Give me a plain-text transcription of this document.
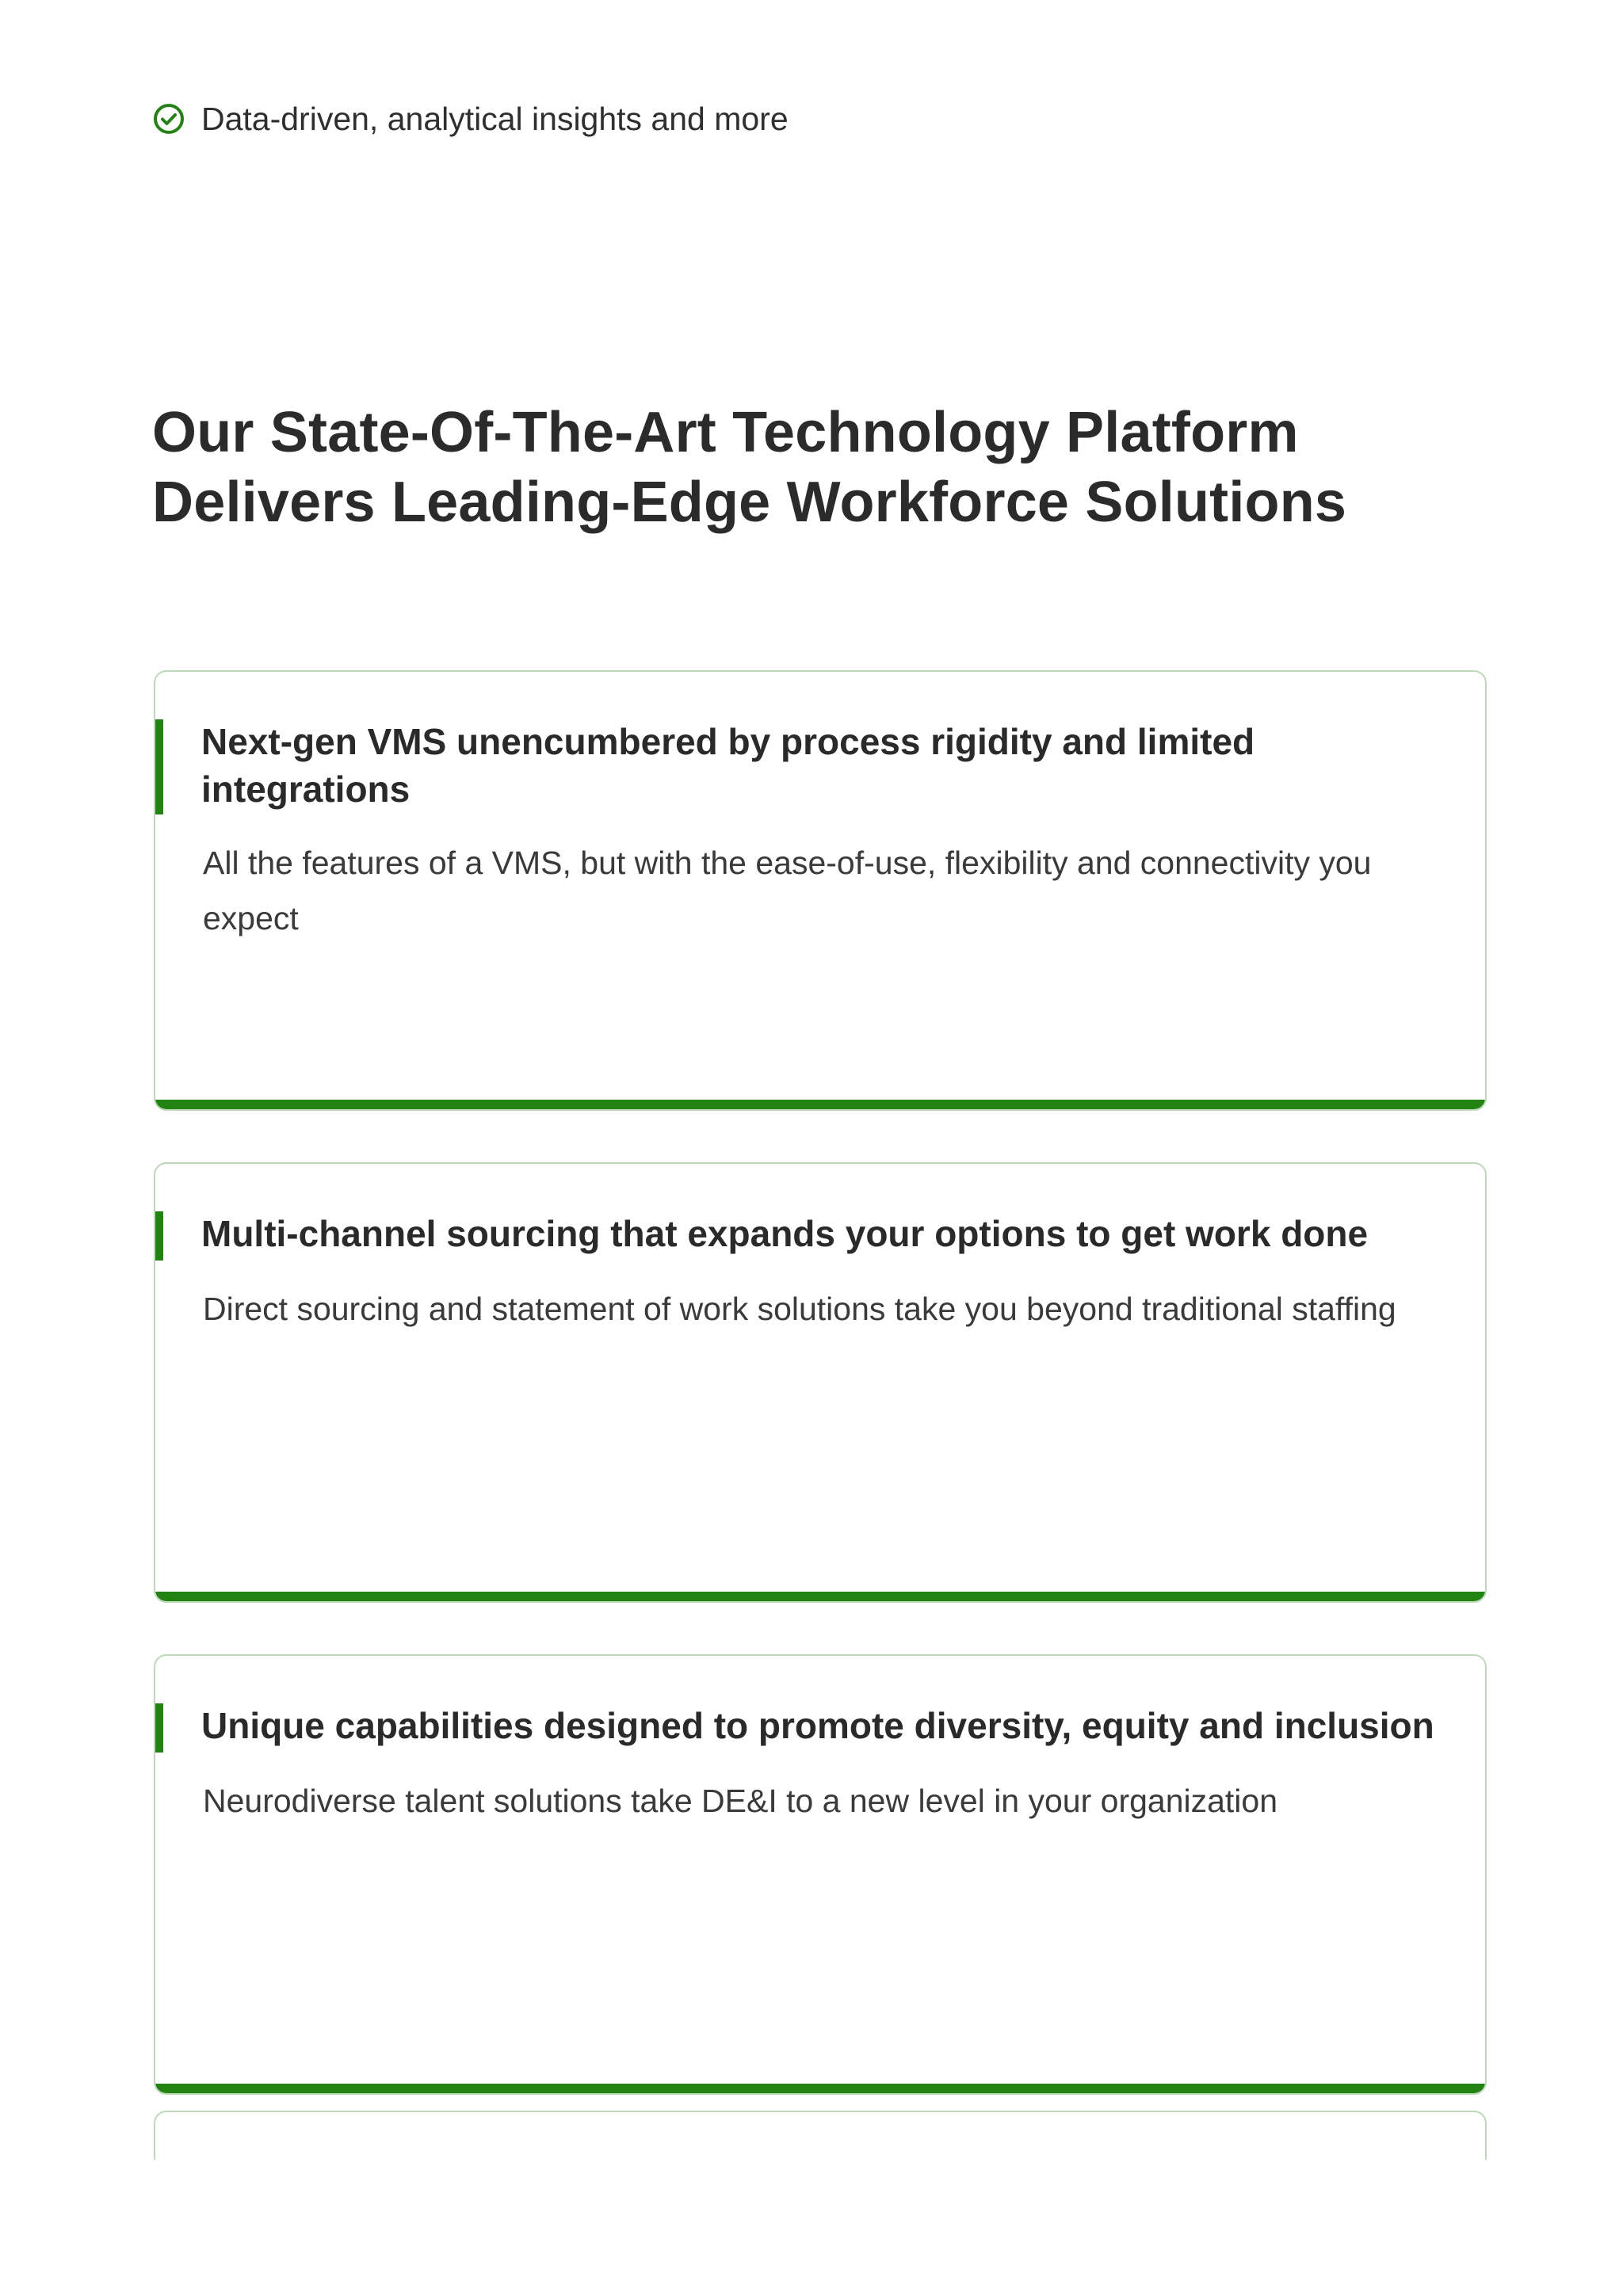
Data-driven, analytical insights and more
Our State-Of-The-Art Technology Platform
Delivers Leading-Edge Workforce Solutions
Next-gen VMS unencumbered by process rigidity and limited integrations
All the features of a VMS, but with the ease-of-use, flexibility and connectivity you expect
Multi-channel sourcing that expands your options to get work done
Direct sourcing and statement of work solutions take you beyond traditional staffing
Unique capabilities designed to promote diversity, equity and inclusion
Neurodiverse talent solutions take DE&I to a new level in your organization
